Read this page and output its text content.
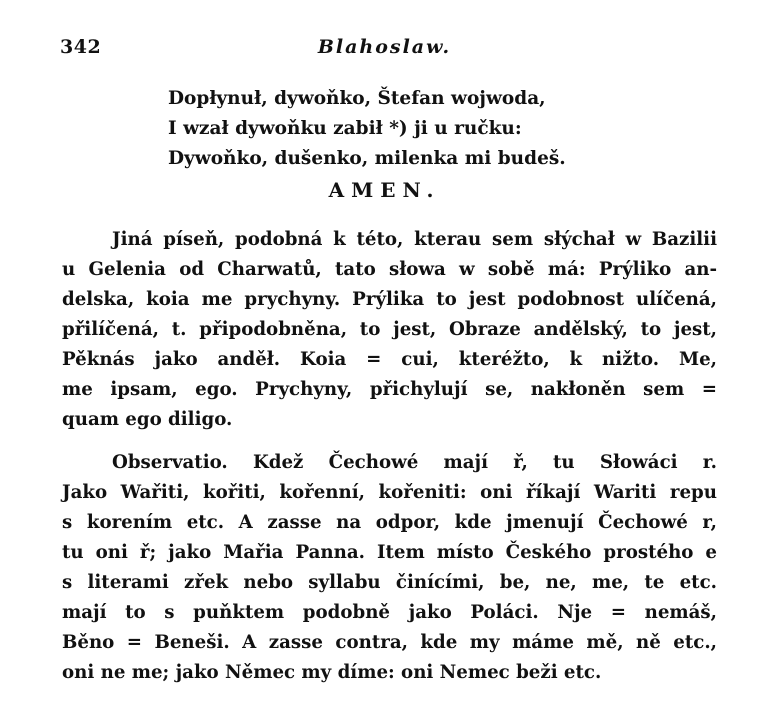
342	Blahoslaw.
Dopłynuł, dywoňko, Štefan wojwoda,
I wzał dywoňku zabił *) ji u ručku:
Dywoňko, dušenko, milenka mi budeš.
AMEN.
Jiná píseň, podobná k této, kterau sem słýchał w Bazilii
u Gelenia od Charwatů, tato słowa w sobě má: Prýliko an-
delska, koia me prychyny. Prýlika to jest podobnost ulíčená,
přilíčená, t. připodobněna, to jest, Obraze andělský, to jest,
Pěknás jako anděł. Koia = cui, kteréžto, k nižto. Me,
me ipsam, ego. Prychyny, přichylují se, nakłoněn sem =
quam ego diligo.
Observatio. Kdež Čechowé mají ř, tu Słowáci r.
Jako Wařiti, kořiti, kořenní, kořeniti: oni říkají Wariti repu
s korením etc. A zasse na odpor, kde jmenují Čechowé r,
tu oni ř; jako Mařia Panna. Item místo Českého prostého e
s literami zřek nebo syllabu činícími, be, ne, me, te etc.
mají to s puňktem podobně jako Poláci. Nje = nemáš,
Běno = Beneši. A zasse contra, kde my máme mě, ně etc.,
oni ne me; jako Němec my díme: oni Nemec beži etc.
